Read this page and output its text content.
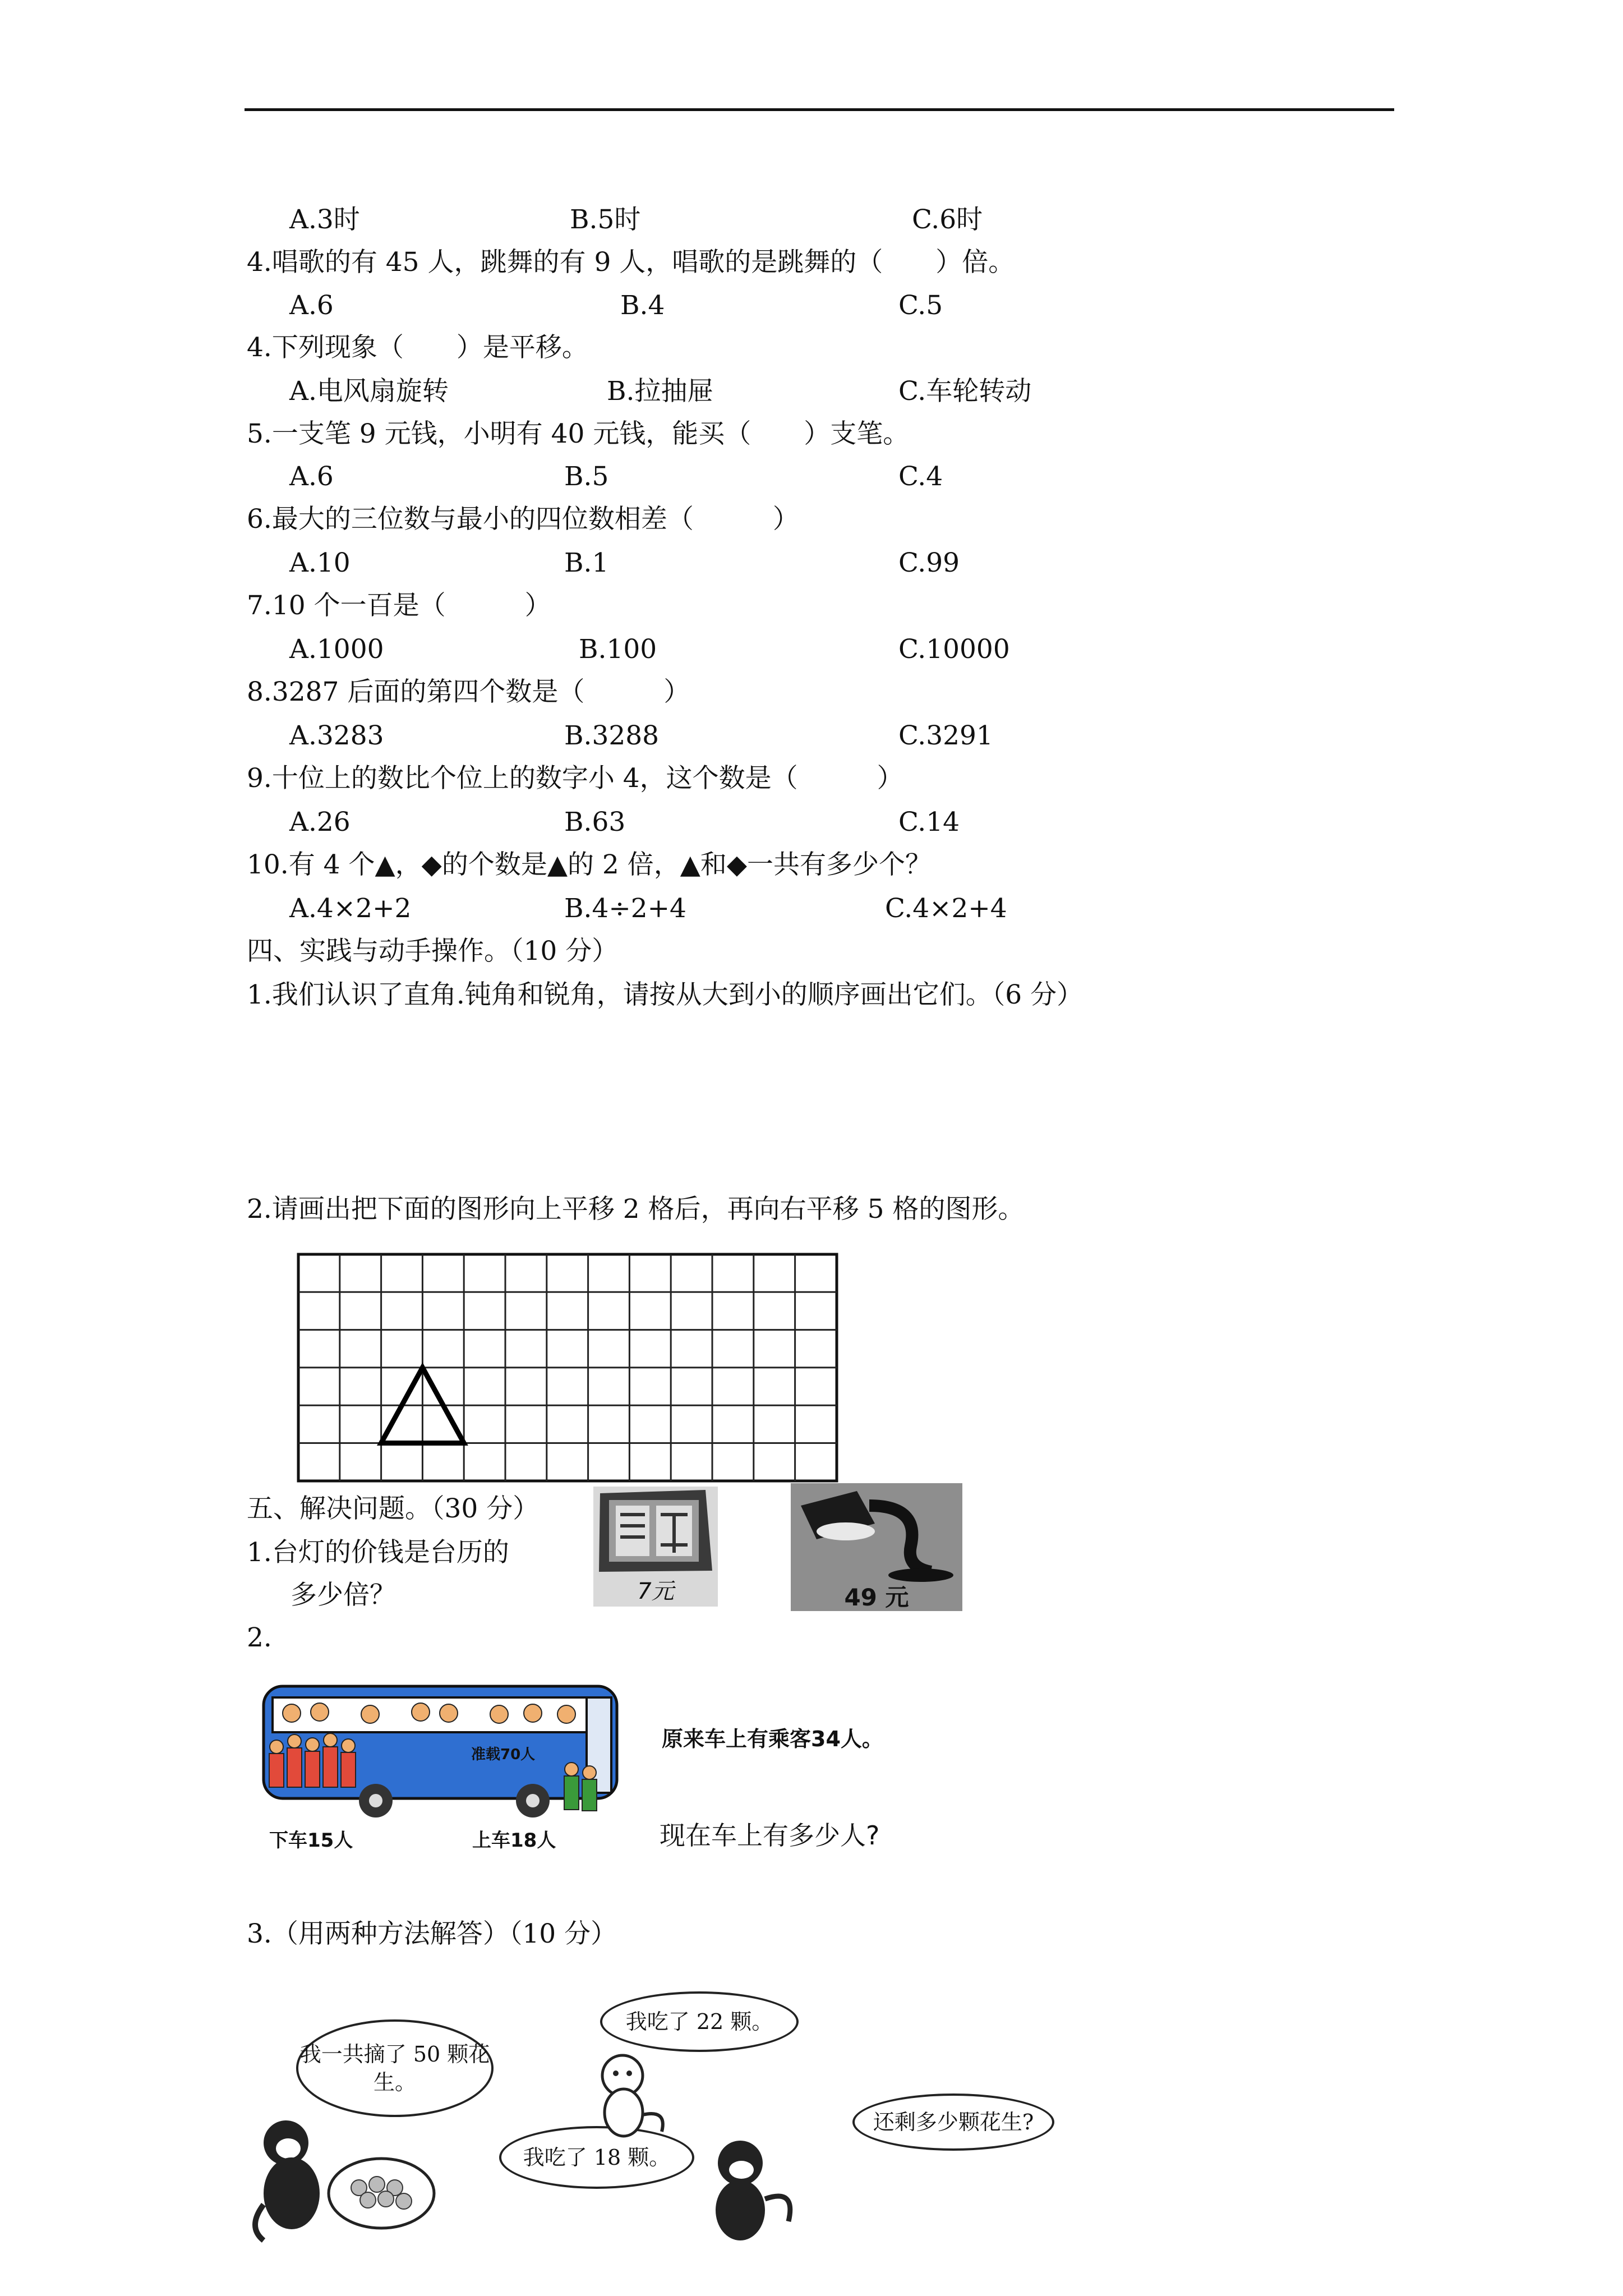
A.3时	B.5时	C.6时
4.唱歌的有 45 人，跳舞的有 9 人，唱歌的是跳舞的（　　）倍。
A.6	B.4	C.5
4.下列现象（　　）是平移。
A.电风扇旋转	B.拉抽屉	C.车轮转动
5.一支笔 9 元钱，小明有 40 元钱，能买（　　）支笔。
A.6	B.5	C.4
6.最大的三位数与最小的四位数相差（　　　）
A.10	B.1	C.99
7.10 个一百是（　　　）
A.1000	B.100	C.10000
8.3287 后面的第四个数是（　　　）
A.3283	B.3288	C.3291
9.十位上的数比个位上的数字小 4，这个数是（　　　）
A.26	B.63	C.14
10.有 4 个▲，◆的个数是▲的 2 倍，▲和◆一共有多少个？
A.4×2+2	B.4÷2+4	C.4×2+4
四、实践与动手操作。（10 分）
1.我们认识了直角.钝角和锐角，请按从大到小的顺序画出它们。（6 分）
2.请画出把下面的图形向上平移 2 格后，再向右平移 5 格的图形。
五、解决问题。（30 分）
1.台灯的价钱是台历的
多少倍？	7元	49 元
2.
准载70人
下车15人	上车18人
原来车上有乘客34人。
现在车上有多少人?
3.（用两种方法解答）（10 分）
我一共摘了 50 颗花生。
我吃了 22 颗。
我吃了 18 颗。
还剩多少颗花生?
